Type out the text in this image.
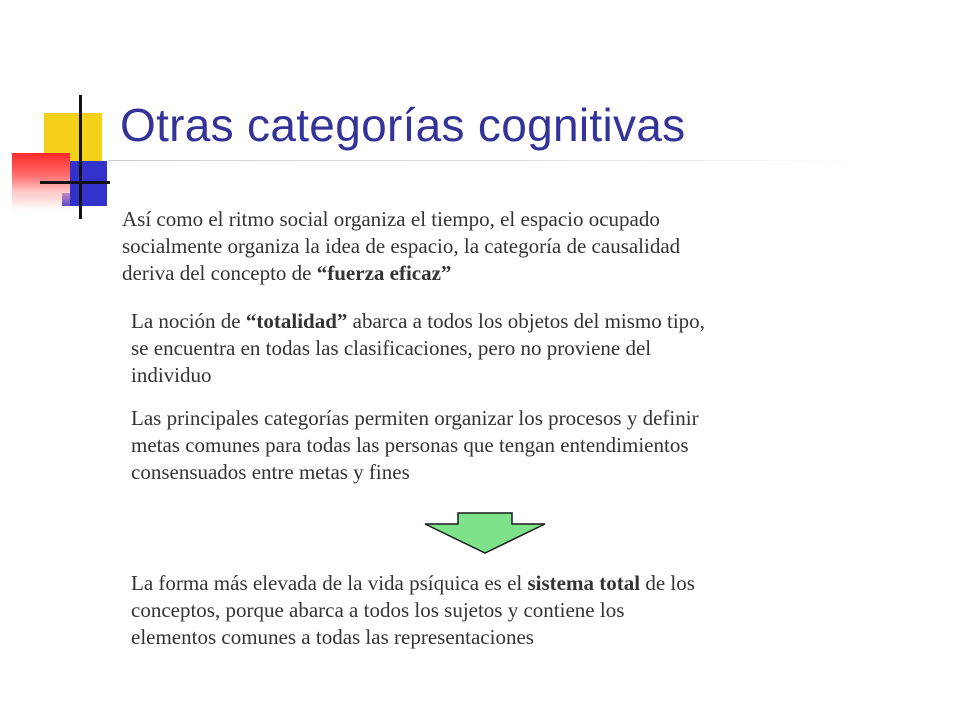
Otras categorías cognitivas
Así como el ritmo social organiza el tiempo, el espacio ocupado
socialmente organiza la idea de espacio, la categoría de causalidad
deriva del concepto de “fuerza eficaz”
La noción de “totalidad” abarca a todos los objetos del mismo tipo,
se encuentra en todas las clasificaciones, pero no proviene del
individuo
Las principales categorías permiten organizar los procesos y definir
metas comunes para todas las personas que tengan entendimientos
consensuados entre metas y fines
La forma más elevada de la vida psíquica es el sistema total de los
conceptos, porque abarca a todos los sujetos y contiene los
elementos comunes a todas las representaciones
